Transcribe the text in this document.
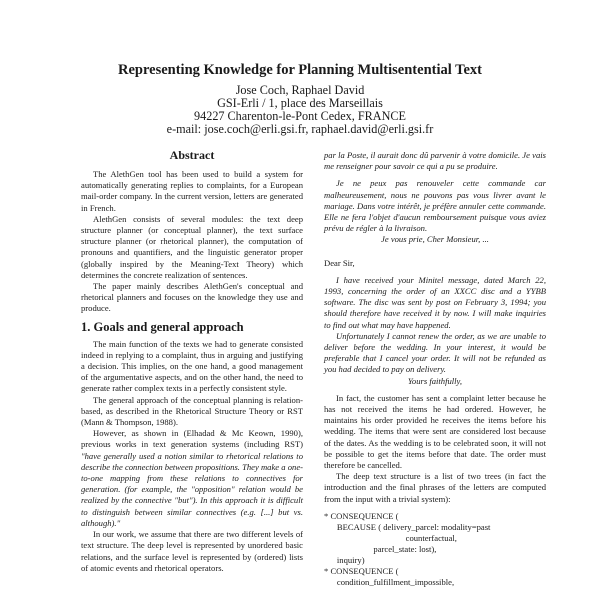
Representing Knowledge for Planning Multisentential Text
Jose Coch, Raphael David
GSI-Erli / 1, place des Marseillais
94227 Charenton-le-Pont Cedex, FRANCE
e-mail: jose.coch@erli.gsi.fr, raphael.david@erli.gsi.fr
Abstract

The AlethGen tool has been used to build a system for automatically generating replies to complaints, for a European mail-order company. In the current version, letters are generated in French.

AlethGen consists of several modules: the text deep structure planner (or conceptual planner), the text surface structure planner (or rhetorical planner), the computation of pronouns and quantifiers, and the linguistic generator proper (globally inspired by the Meaning-Text Theory) which determines the concrete realization of sentences.

The paper mainly describes AlethGen's conceptual and rhetorical planners and focuses on the knowledge they use and produce.

1. Goals and general approach

The main function of the texts we had to generate consisted indeed in replying to a complaint, thus in arguing and justifying a decision. This implies, on the one hand, a good management of the argumentative aspects, and on the other hand, the need to generate rather complex texts in a perfectly consistent style.

The general approach of the conceptual planning is relation-based, as described in the Rhetorical Structure Theory or RST (Mann & Thompson, 1988).

However, as shown in (Elhadad & Mc Keown, 1990), previous works in text generation systems (including RST) "have generally used a notion similar to rhetorical relations to describe the connection between propositions. They make a one-to-one mapping from these relations to connectives for generation. (for example, the "opposition" relation would be realized by the connective "but"). In this approach it is difficult to distinguish between similar connectives (e.g. [...] but vs. although)."

In our work, we assume that there are two different levels of text structure. The deep level is represented by unordered basic relations, and the surface level is represented by (ordered) lists of atomic events and rhetorical operators.

par la Poste, il aurait donc dû parvenir à votre domicile. Je vais me renseigner pour savoir ce qui a pu se produire.

Je ne peux pas renouveler cette commande car malheureusement, nous ne pouvons pas vous livrer avant le mariage. Dans votre intérêt, je préfère annuler cette commande. Elle ne fera l'objet d'aucun remboursement puisque vous aviez prévu de régler à la livraison.

Je vous prie, Cher Monsieur, ...

Dear Sir,

I have received your Minitel message, dated March 22, 1993, concerning the order of an XXCC disc and a YYBB software. The disc was sent by post on February 3, 1994; you should therefore have received it by now. I will make inquiries to find out what may have happened.

Unfortunately I cannot renew the order, as we are unable to deliver before the wedding. In your interest, it would be preferable that I cancel your order. It will not be refunded as you had decided to pay on delivery.

Yours faithfully,

In fact, the customer has sent a complaint letter because he has not received the items he had ordered. However, he maintains his order provided he receives the items before his wedding. The items that were sent are considered lost because of the dates. As the wedding is to be celebrated soon, it will not be possible to get the items before that date. The order must therefore be cancelled.

The deep text structure is a list of two trees (in fact the introduction and the final phrases of the letters are computed from the input with a trivial system):

* CONSEQUENCE (
BECAUSE ( delivery_parcel: modality=past
counterfactual,
parcel_state: lost),
inquiry)
* CONSEQUENCE (
condition_fulfillment_impossible,
